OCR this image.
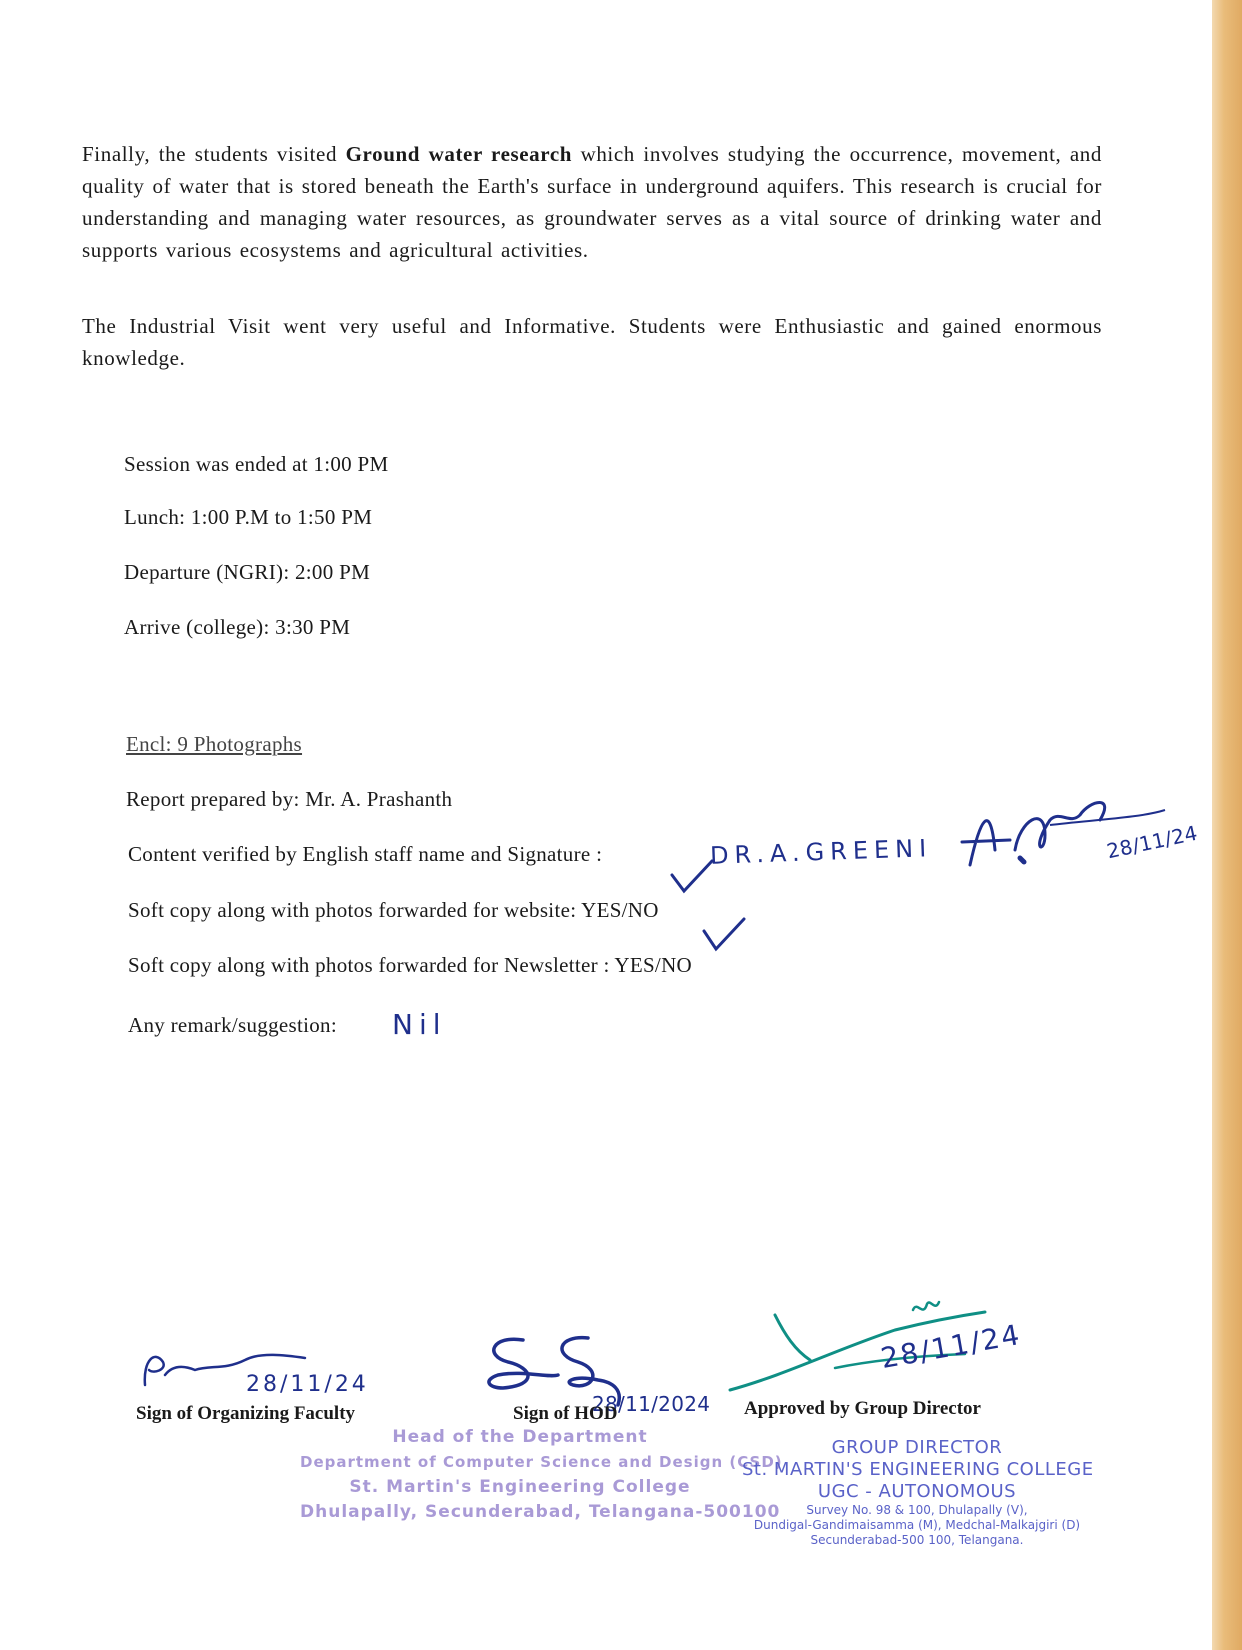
Finally, the students visited Ground water research which involves studying the occurrence, movement, and quality of water that is stored beneath the Earth's surface in underground aquifers. This research is crucial for understanding and managing water resources, as groundwater serves as a vital source of drinking water and supports various ecosystems and agricultural activities.

The Industrial Visit went very useful and Informative. Students were Enthusiastic and gained enormous knowledge.

Session was ended at 1:00 PM
Lunch: 1:00 P.M to 1:50 PM
Departure (NGRI): 2:00 PM
Arrive (college): 3:30 PM
Encl: 9 Photographs
Report prepared by: Mr. A. Prashanth
Content verified by English staff name and Signature :	DR.A.GREENI	28/11/24
Soft copy along with photos forwarded for website: YES/NO
Soft copy along with photos forwarded for Newsletter : YES/NO
Any remark/suggestion: Nil
28/11/24
Sign of Organizing Faculty	28/11/2024
Sign of HOD
28/11/24
Approved by Group Director
Head of the Department
Department of Computer Science and Design (CSD)
St. Martin's Engineering College
Dhulapally, Secunderabad, Telangana-500100
GROUP DIRECTOR
St. MARTIN'S ENGINEERING COLLEGE
UGC - AUTONOMOUS
Survey No. 98 & 100, Dhulapally (V),
Dundigal-Gandimaisamma (M), Medchal-Malkajgiri (D)
Secunderabad-500 100, Telangana.
